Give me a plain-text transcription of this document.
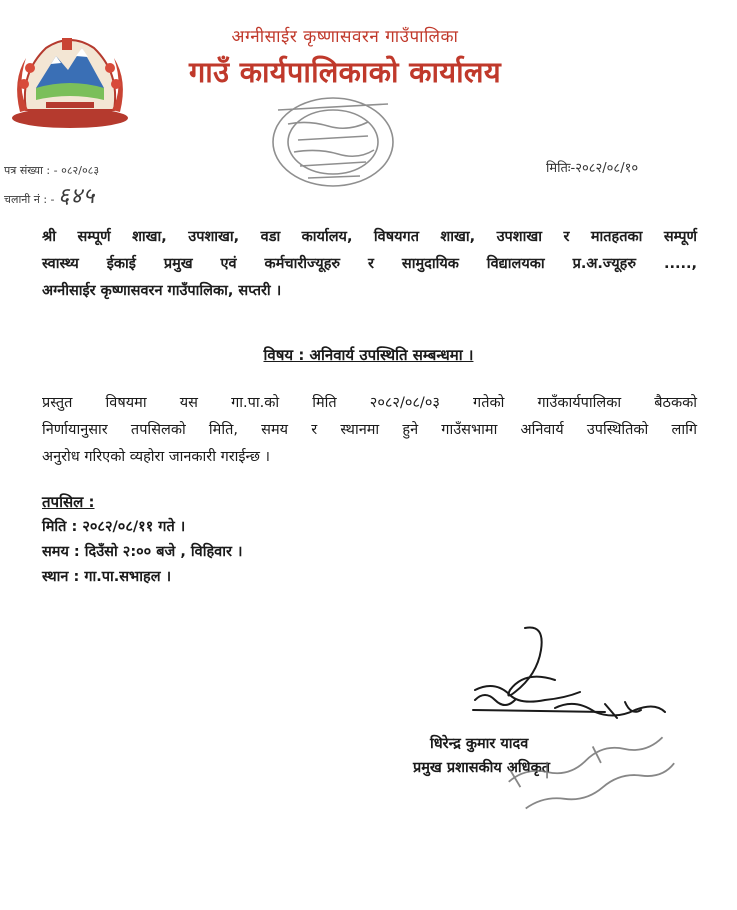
अग्नीसाईर कृष्णासवरन गाउँपालिका
गाउँ कार्यपालिकाको कार्यालय
पत्र संख्या : - ०८२/०८३
चलानी नं : - ६४५
मितिः-२०८२/०८/१०
श्री सम्पूर्ण शाखा, उपशाखा, वडा कार्यालय, विषयगत शाखा, उपशाखा र मातहतका सम्पूर्ण
स्वास्थ्य ईकाई प्रमुख एवं कर्मचारीज्यूहरु र सामुदायिक विद्यालयका प्र.अ.ज्यूहरु .....,
अग्नीसाईर कृष्णासवरन गाउँपालिका, सप्तरी ।
विषय : अनिवार्य उपस्थिति सम्बन्धमा ।
प्रस्तुत विषयमा यस गा.पा.को मिति २०८२/०८/०३ गतेको गाउँकार्यपालिका बैठकको
निर्णायानुसार तपसिलको मिति, समय र स्थानमा हुने गाउँसभामा अनिवार्य उपस्थितिको लागि
अनुरोध गरिएको व्यहोरा जानकारी गराईन्छ ।
तपसिल :
मिति : २०८२/०८/११ गते ।
समय : दिउँसो २:०० बजे , विहिवार ।
स्थान : गा.पा.सभाहल ।
धिरेन्द्र कुमार यादव
प्रमुख प्रशासकीय अधिकृत
